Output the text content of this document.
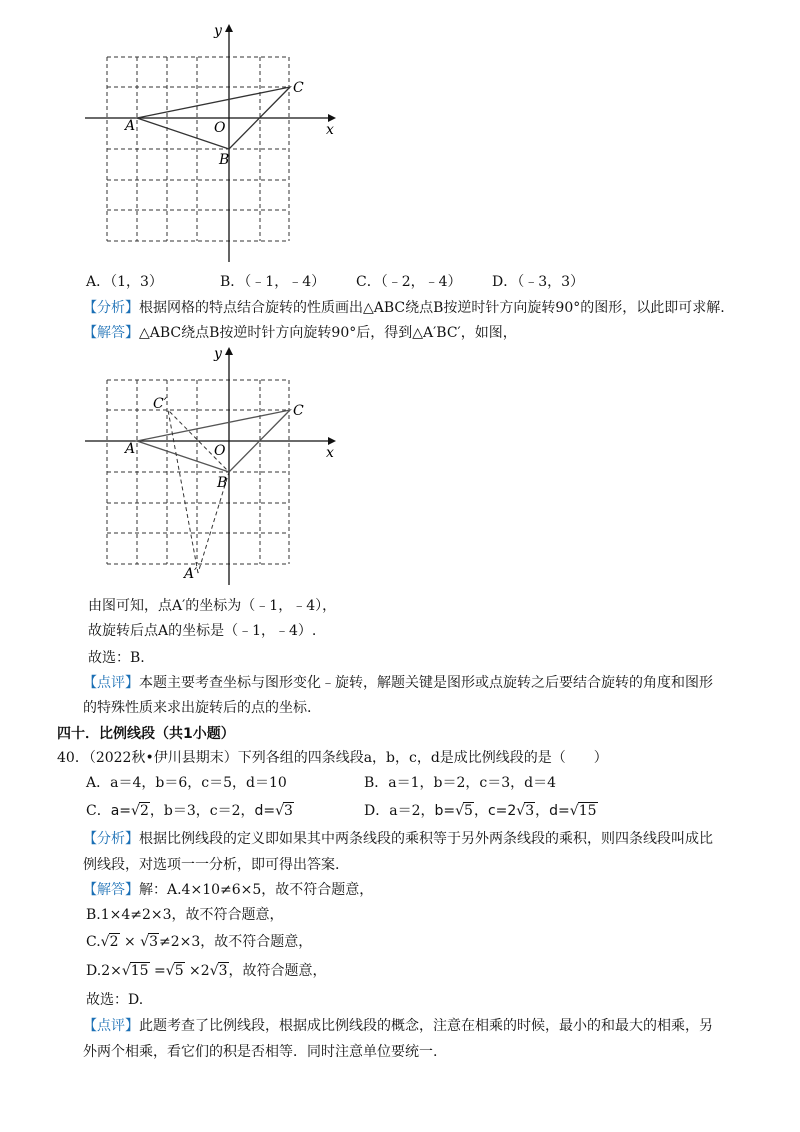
x
y
O
A
B
C
A．（1，3）	B．（﹣1，﹣4） C．（﹣2，﹣4） D．（﹣3，3）
【分析】根据网格的特点结合旋转的性质画出△ABC绕点B按逆时针方向旋转90°的图形，以此即可求解.
【解答】△ABC绕点B按逆时针方向旋转90°后，得到△A′BC′，如图，
x
y
O
A
B
C
C′
A′
由图可知，点A′的坐标为（﹣1，﹣4），
故旋转后点A的坐标是（﹣1，﹣4）.
故选：B.
【点评】本题主要考查坐标与图形变化﹣旋转，解题关键是图形或点旋转之后要结合旋转的角度和图形
的特殊性质来求出旋转后的点的坐标.
四十．比例线段（共1小题）
40．（2022秋•伊川县期末）下列各组的四条线段a，b，c，d是成比例线段的是（　　）
A．a＝4，b＝6，c＝5，d＝10	B．a＝1，b＝2，c＝3，d＝4
C．a=√2，b＝3，c＝2，d=√3	D．a＝2，b=√5，c=2√3，d=√15
【分析】根据比例线段的定义即如果其中两条线段的乘积等于另外两条线段的乘积，则四条线段叫成比
例线段，对选项一一分析，即可得出答案.
【解答】解：A.4×10≠6×5，故不符合题意，
B.1×4≠2×3，故不符合题意，
C.√2 × √3≠2×3，故不符合题意，
D.2×√15 =√5 ×2√3，故符合题意，
故选：D.
【点评】此题考查了比例线段，根据成比例线段的概念，注意在相乘的时候，最小的和最大的相乘，另
外两个相乘，看它们的积是否相等．同时注意单位要统一.
